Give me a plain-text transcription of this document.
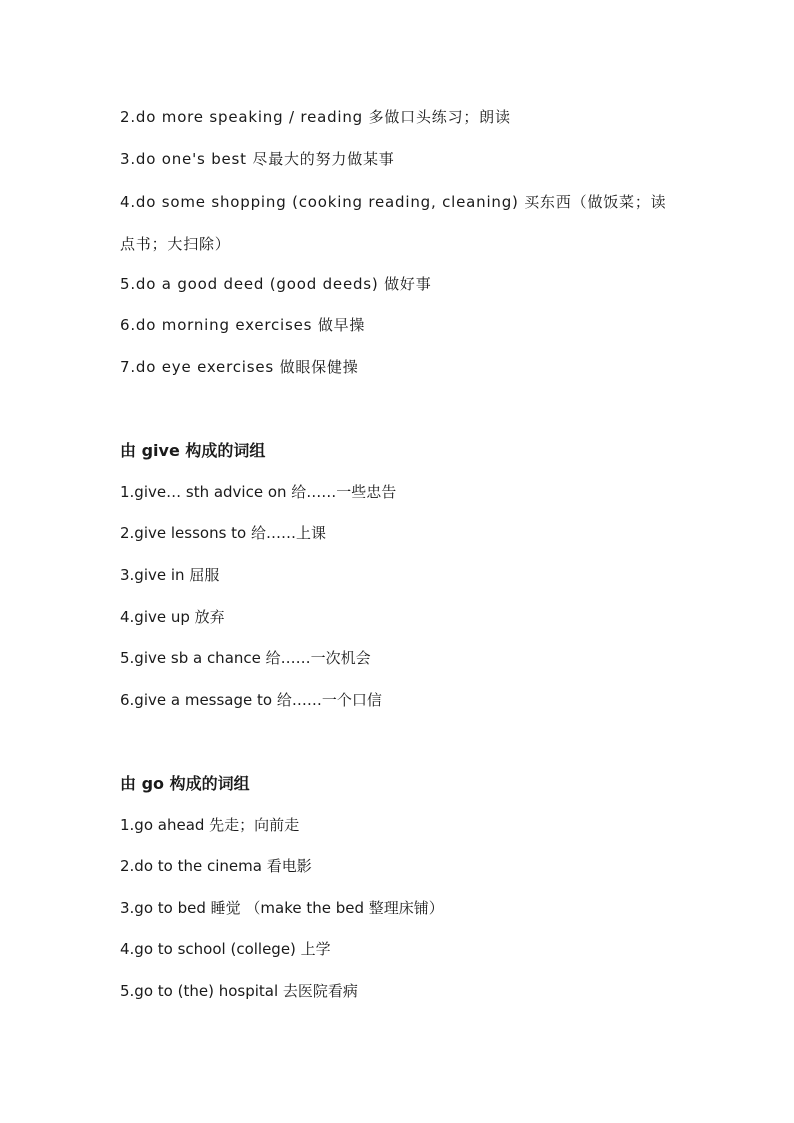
2.do more speaking / reading 多做口头练习；朗读
3.do one's best 尽最大的努力做某事
4.do some shopping (cooking reading, cleaning) 买东西（做饭菜；读点书；大扫除）
5.do a good deed (good deeds) 做好事
6.do morning exercises 做早操
7.do eye exercises 做眼保健操
由 give 构成的词组
1.give… sth advice on 给……一些忠告
2.give lessons to 给……上课
3.give in 屈服
4.give up 放弃
5.give sb a chance 给……一次机会
6.give a message to 给……一个口信
由 go 构成的词组
1.go ahead 先走；向前走
2.do to the cinema 看电影
3.go to bed 睡觉 （make the bed 整理床铺）
4.go to school (college) 上学
5.go to (the) hospital 去医院看病
